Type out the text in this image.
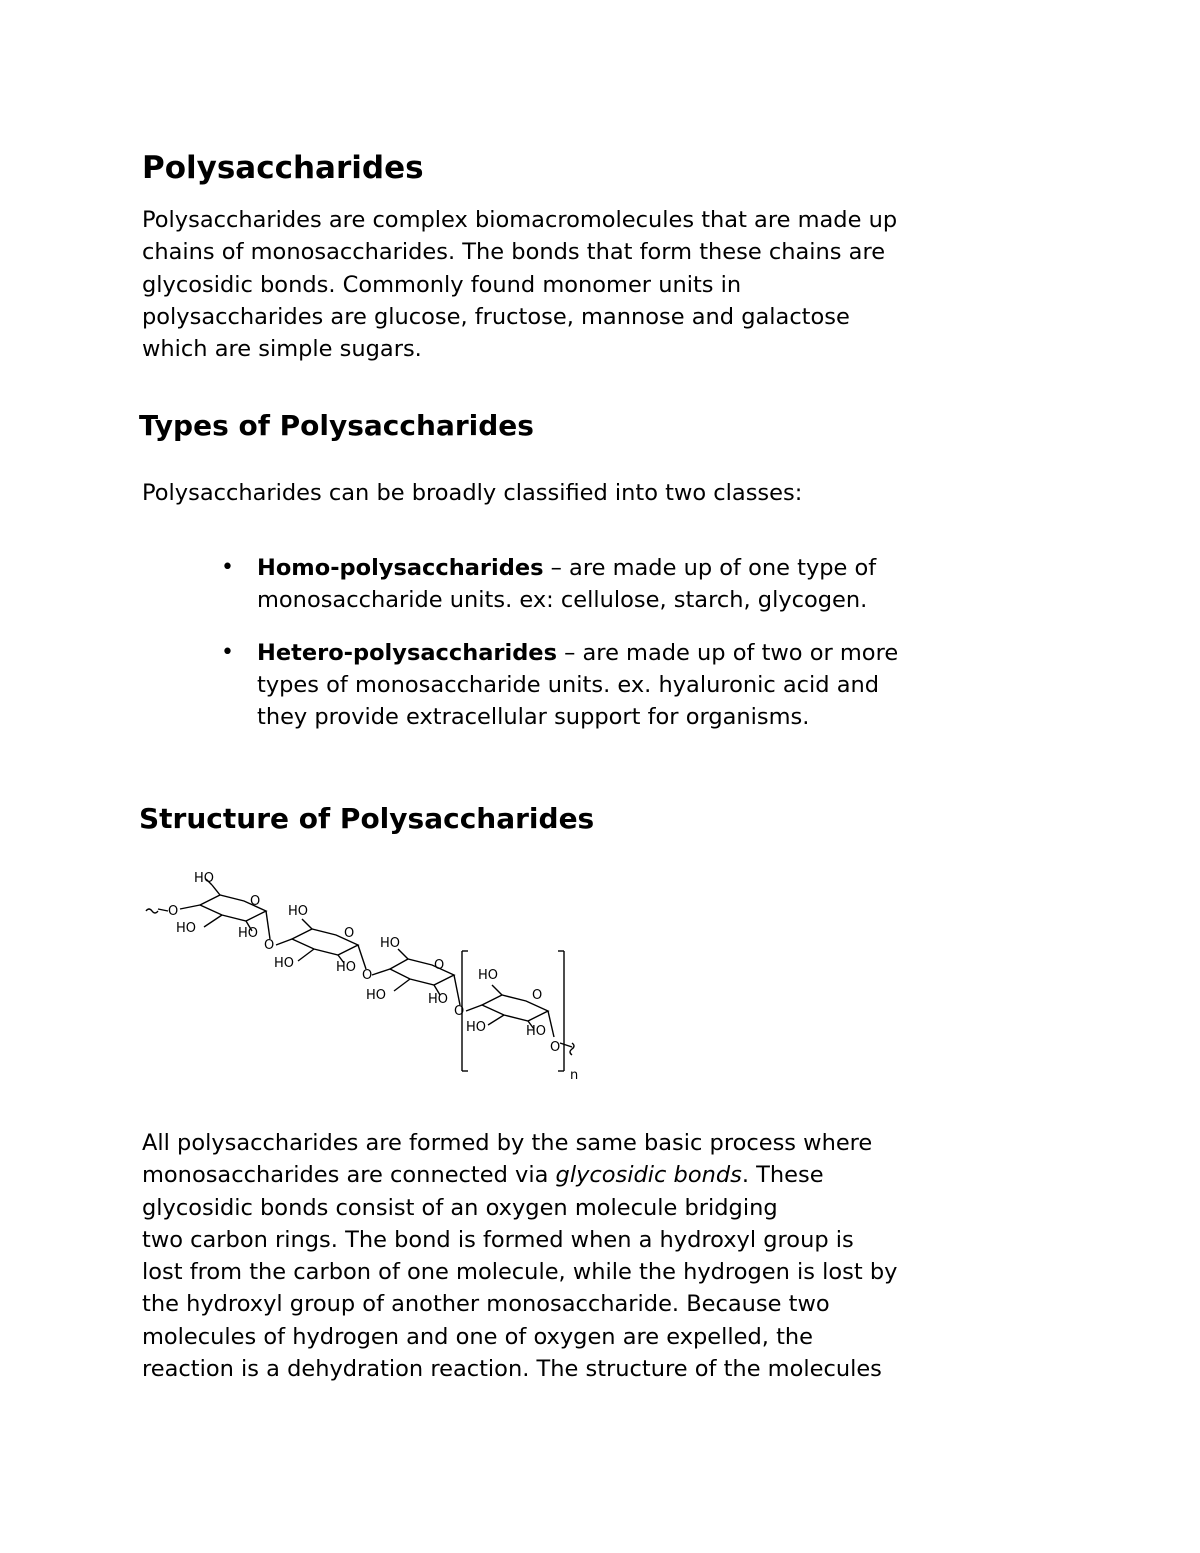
Polysaccharides

Polysaccharides are complex biomacromolecules that are made up
chains of monosaccharides. The bonds that form these chains are
glycosidic bonds. Commonly found monomer units in
polysaccharides are glucose, fructose, mannose and galactose
which are simple sugars.

Types of Polysaccharides

Polysaccharides can be broadly classified into two classes:

• Homo-polysaccharides – are made up of one type of
monosaccharide units. ex: cellulose, starch, glycogen.
• Hetero-polysaccharides – are made up of two or more
types of monosaccharide units. ex. hyaluronic acid and
they provide extracellular support for organisms.
Structure of Polysaccharides
HO
O
O
HO	HO
O
HO
O
HO	HO
O
HO
O
HO	HO
O
HO
O
HO	HO
O
n

All polysaccharides are formed by the same basic process where
monosaccharides are connected via glycosidic bonds. These
glycosidic bonds consist of an oxygen molecule bridging
two carbon rings. The bond is formed when a hydroxyl group is
lost from the carbon of one molecule, while the hydrogen is lost by
the hydroxyl group of another monosaccharide. Because two
molecules of hydrogen and one of oxygen are expelled, the
reaction is a dehydration reaction. The structure of the molecules
